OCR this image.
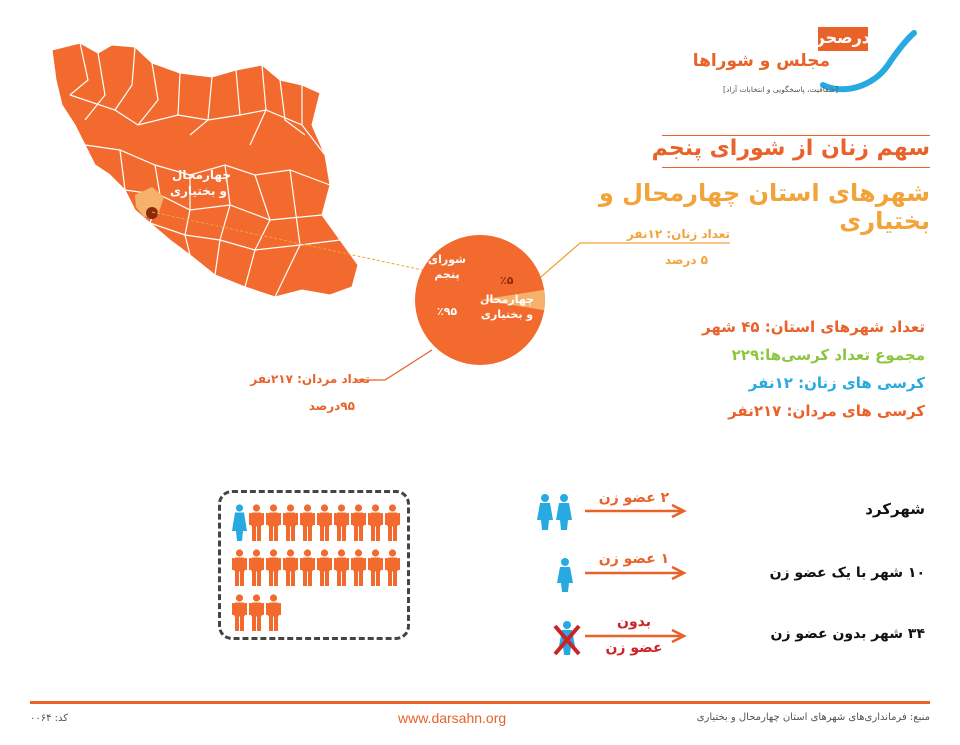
چهارمحال
و بختیاری
شورای
پنجم	٪۵
چهارمحال
و بختیاری
٪۹۵
تعداد زنان: ۱۲نفر
۵ درصد
تعداد مردان: ۲۱۷نفر
۹۵درصد
درصحن
مجلس و شوراها
[شفافیت، پاسخگویی و انتخابات آزاد]
سهم زنان از شورای پنجم
شهرهای استان چهارمحال و بختیاری
تعداد شهرهای استان: ۴۵ شهر
مجموع تعداد کرسی‌ها:۲۲۹
کرسی های زنان: ۱۲نفر
کرسی های مردان: ۲۱۷نفر

۲ عضو زن
شهرکرد
۱ عضو زن
۱۰ شهر با یک عضو زن
بدون
عضو زن
۳۴ شهر بدون عضو زن
کد: ۰۰۶۴	www.darsahn.org	منبع: فرمانداری‌های شهرهای استان چهارمحال و بختیاری
